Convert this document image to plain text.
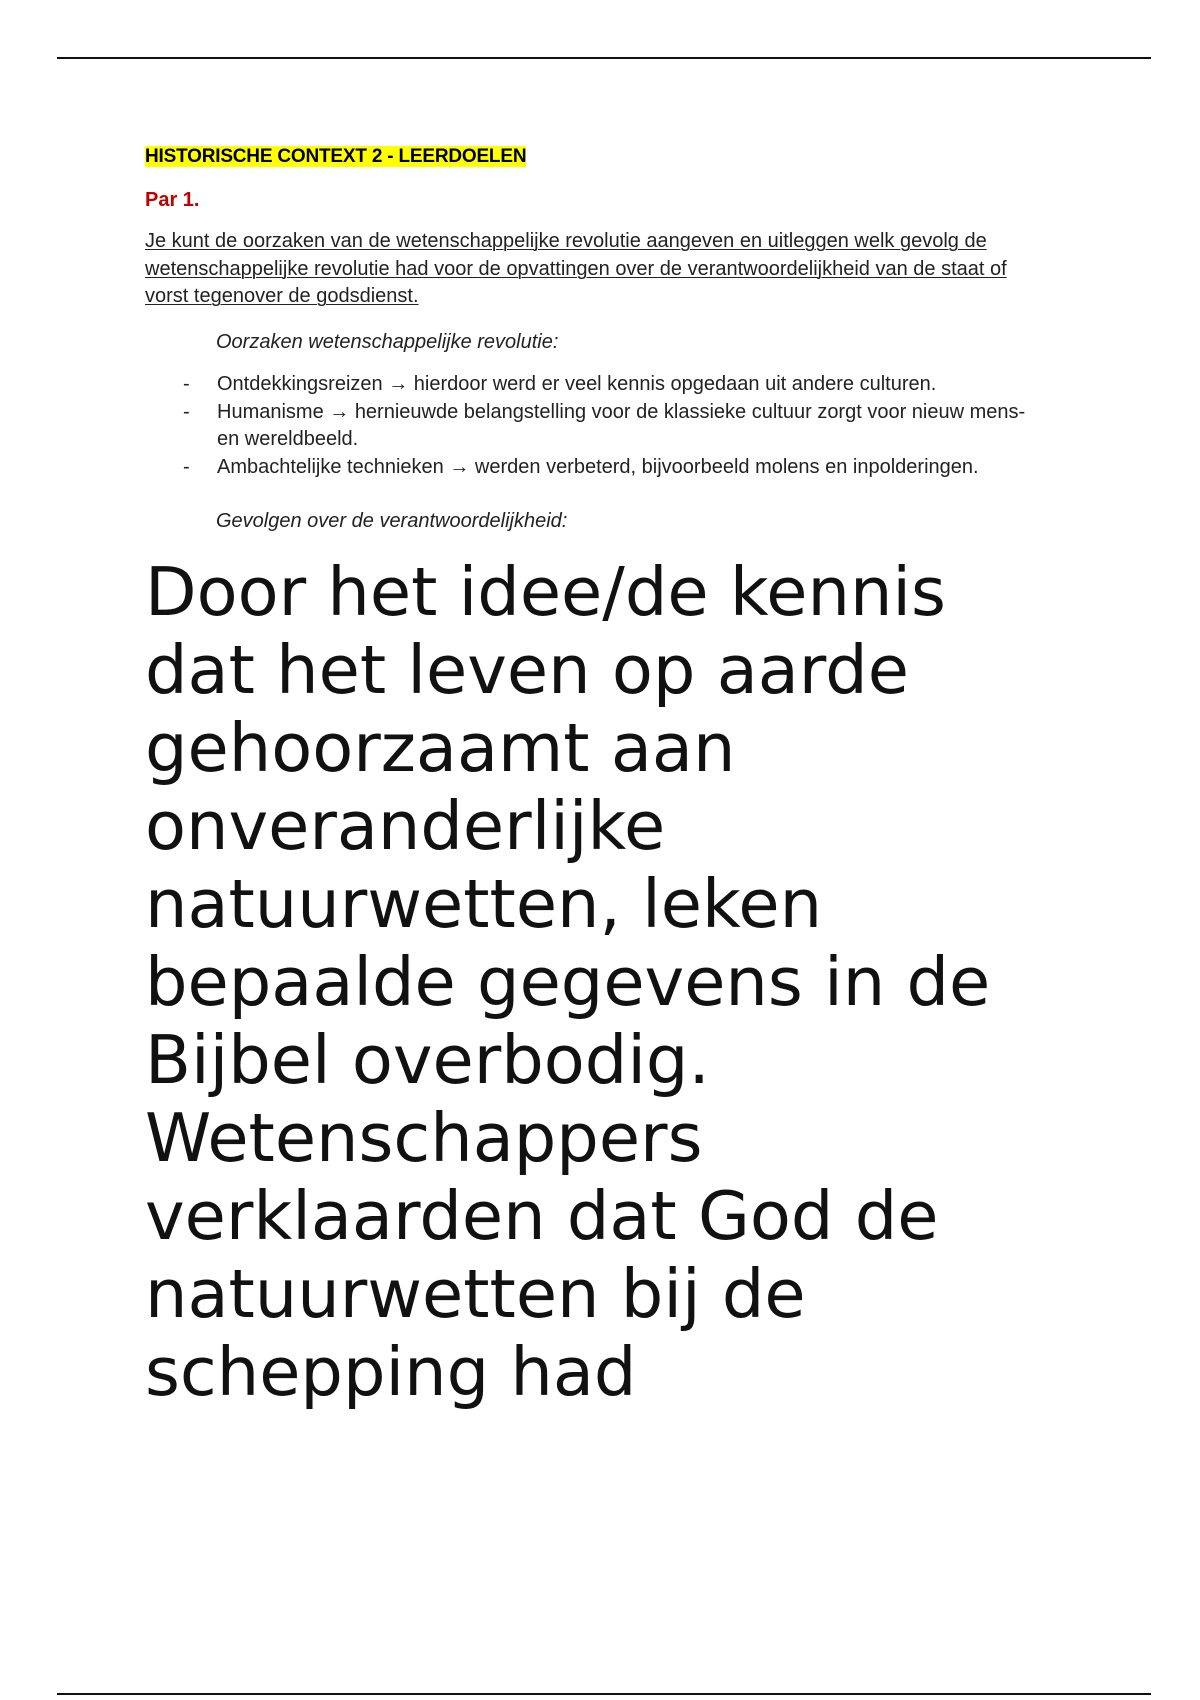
HISTORISCHE CONTEXT 2 - LEERDOELEN
Par 1.
Je kunt de oorzaken van de wetenschappelijke revolutie aangeven en uitleggen welk gevolg de
wetenschappelijke revolutie had voor de opvattingen over de verantwoordelijkheid van de staat of
vorst tegenover de godsdienst.
Oorzaken wetenschappelijke revolutie:
- Ontdekkingsreizen → hierdoor werd er veel kennis opgedaan uit andere culturen.
- Humanisme → hernieuwde belangstelling voor de klassieke cultuur zorgt voor nieuw mens-
en wereldbeeld.
- Ambachtelijke technieken → werden verbeterd, bijvoorbeeld molens en inpolderingen.
Gevolgen over de verantwoordelijkheid:
Door het idee/de kennis
dat het leven op aarde
gehoorzaamt aan
onveranderlijke
natuurwetten, leken
bepaalde gegevens in de
Bijbel overbodig.
Wetenschappers
verklaarden dat God de
natuurwetten bij de
schepping had
